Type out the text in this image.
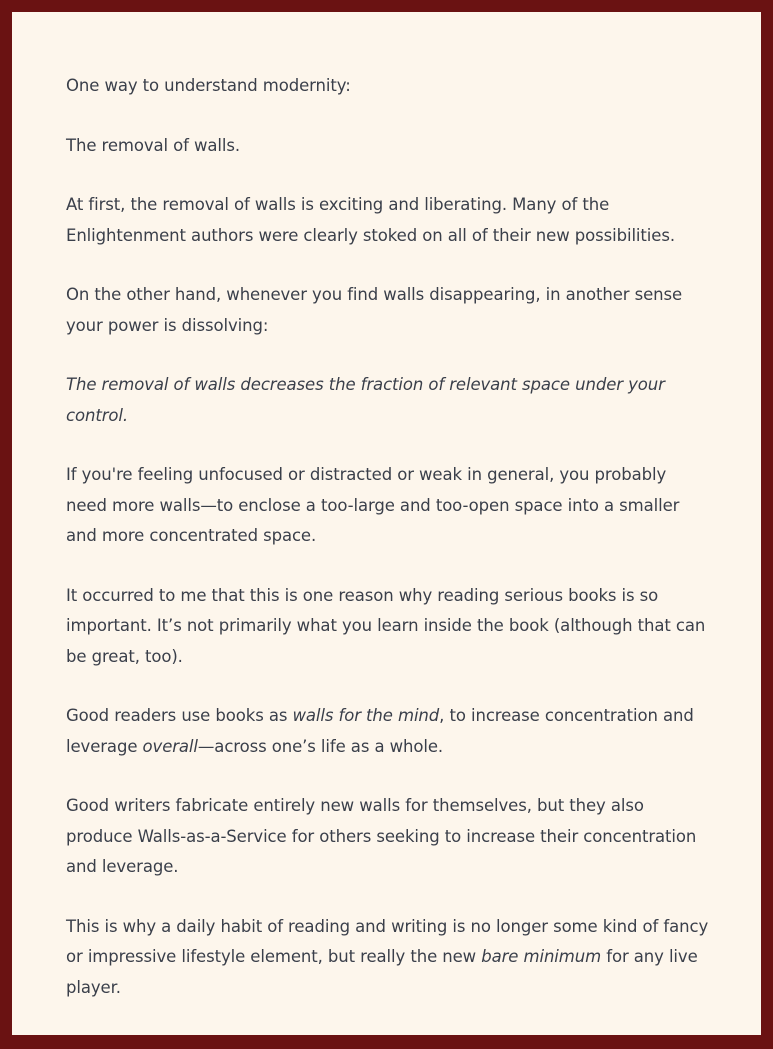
One way to understand modernity:

The removal of walls.

At first, the removal of walls is exciting and liberating. Many of the Enlightenment authors were clearly stoked on all of their new possibilities.

On the other hand, whenever you find walls disappearing, in another sense your power is dissolving:

The removal of walls decreases the fraction of relevant space under your control.

If you're feeling unfocused or distracted or weak in general, you probably need more walls—to enclose a too-large and too-open space into a smaller and more concentrated space.

It occurred to me that this is one reason why reading serious books is so important. It’s not primarily what you learn inside the book (although that can be great, too).

Good readers use books as walls for the mind, to increase concentration and leverage overall—across one’s life as a whole.

Good writers fabricate entirely new walls for themselves, but they also produce Walls-as-a-Service for others seeking to increase their concentration and leverage.

This is why a daily habit of reading and writing is no longer some kind of fancy or impressive lifestyle element, but really the new bare minimum for any live player.
